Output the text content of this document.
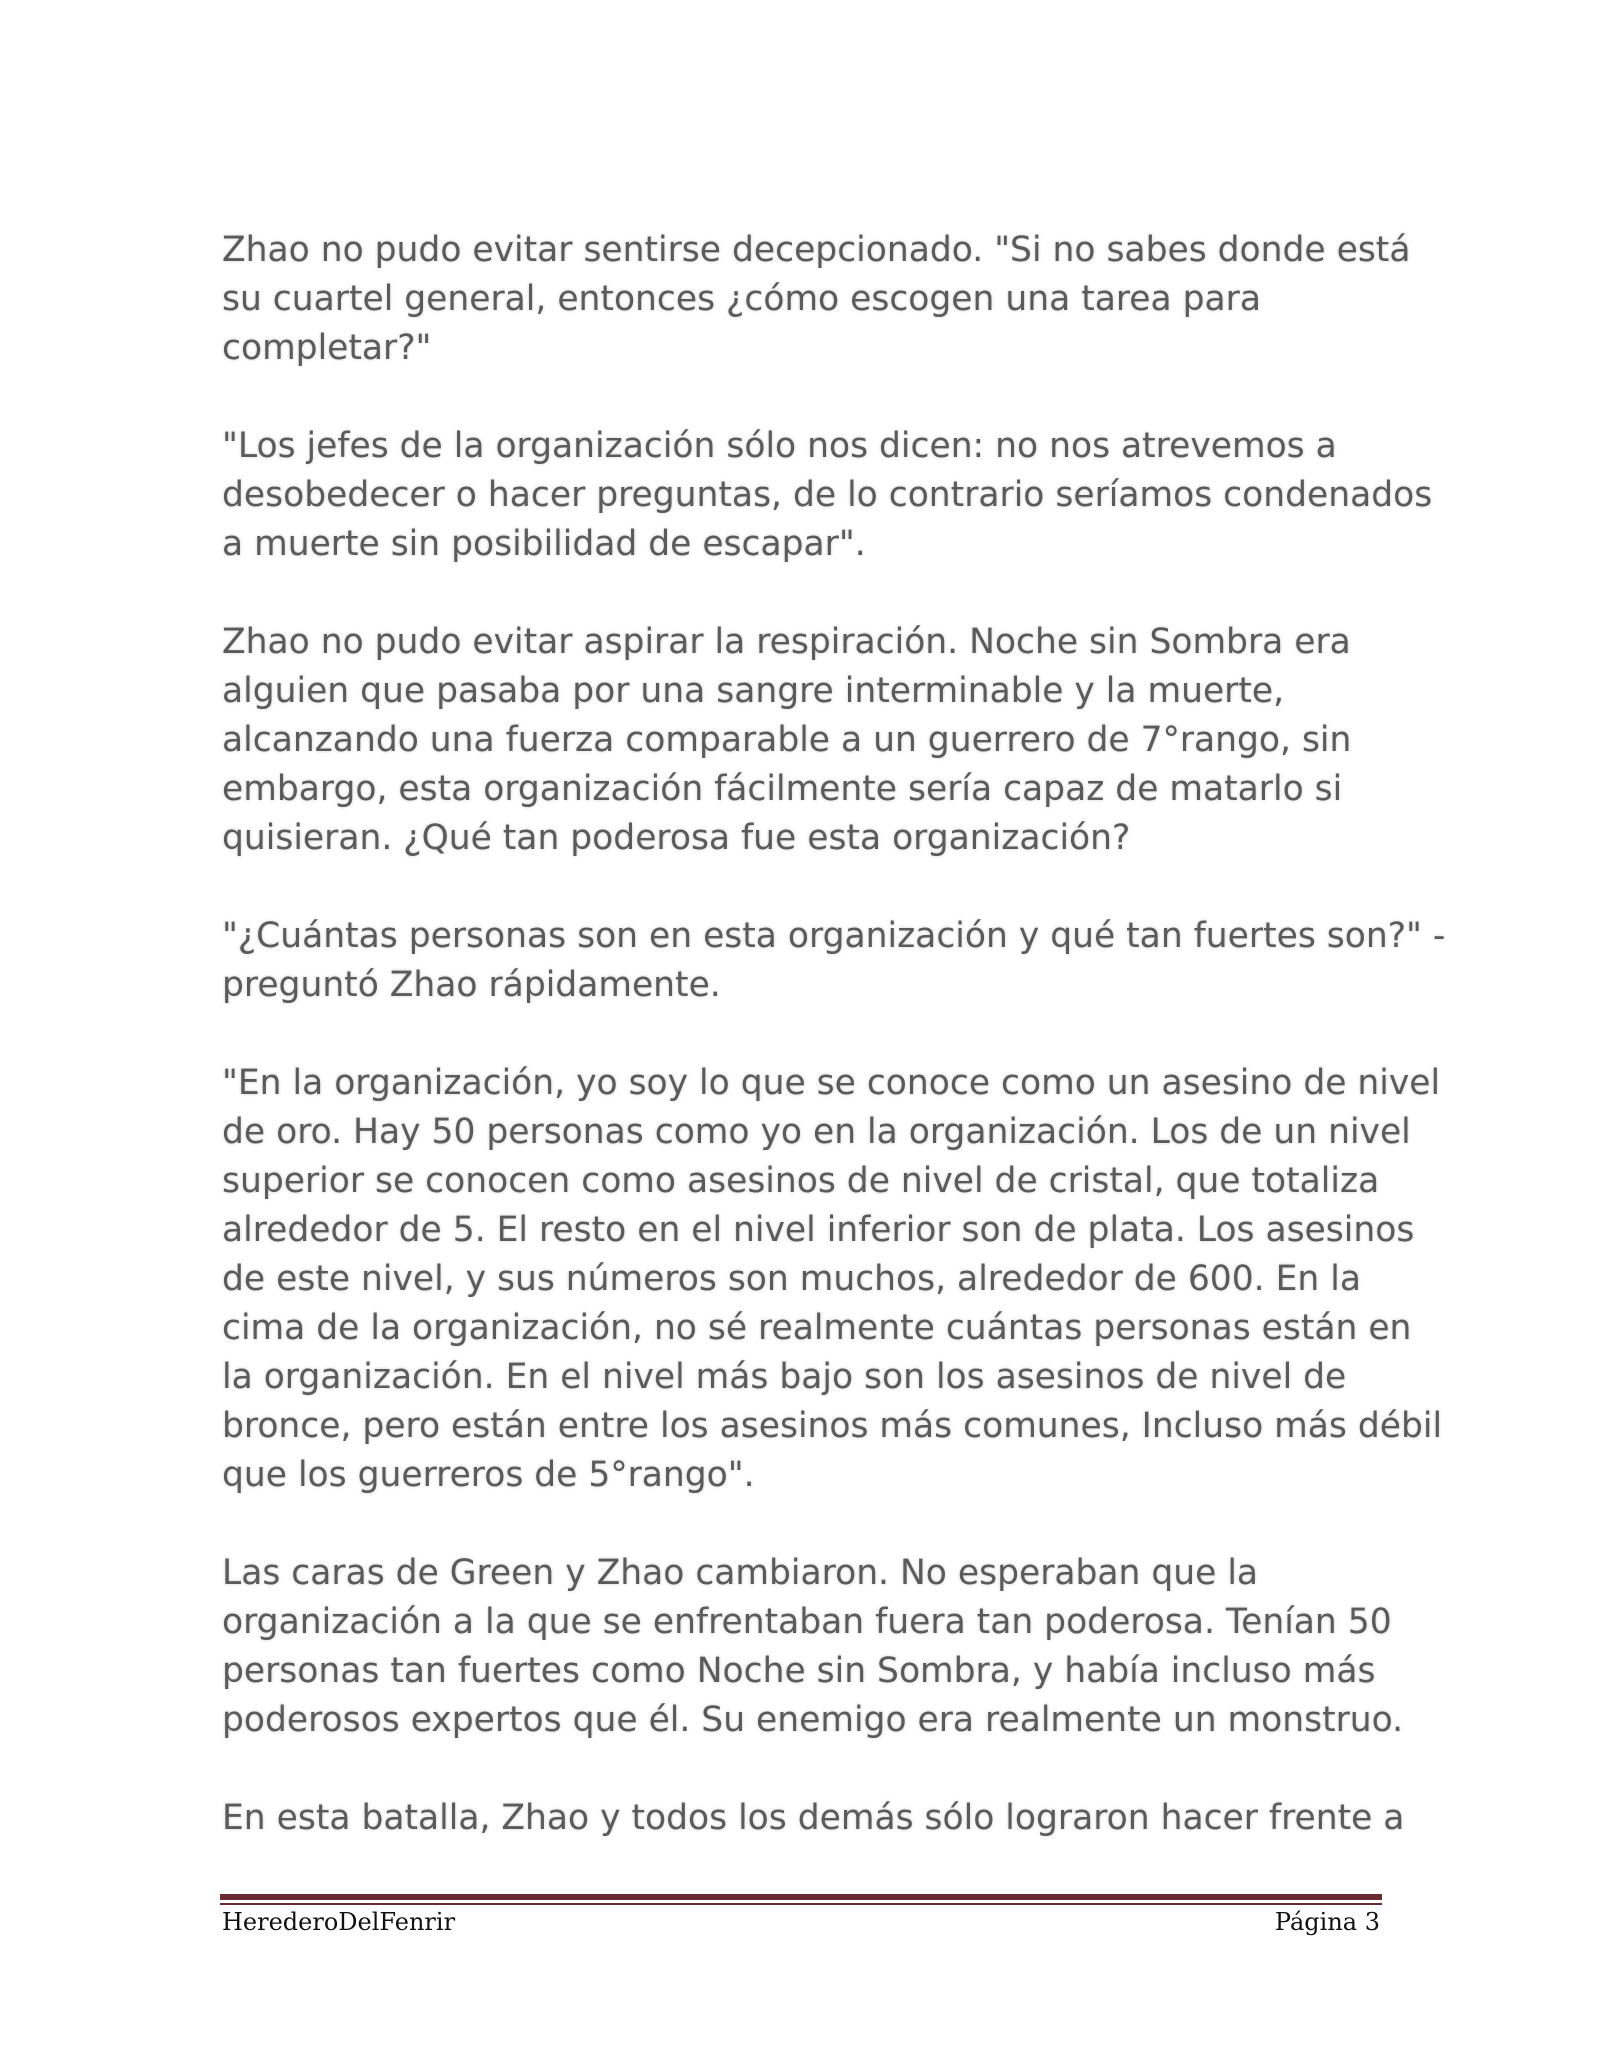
Zhao no pudo evitar sentirse decepcionado. "Si no sabes donde está
su cuartel general, entonces ¿cómo escogen una tarea para
completar?"

"Los jefes de la organización sólo nos dicen: no nos atrevemos a
desobedecer o hacer preguntas, de lo contrario seríamos condenados
a muerte sin posibilidad de escapar".

Zhao no pudo evitar aspirar la respiración. Noche sin Sombra era
alguien que pasaba por una sangre interminable y la muerte,
alcanzando una fuerza comparable a un guerrero de 7°rango, sin
embargo, esta organización fácilmente sería capaz de matarlo si
quisieran. ¿Qué tan poderosa fue esta organización?

"¿Cuántas personas son en esta organización y qué tan fuertes son?" -
preguntó Zhao rápidamente.

"En la organización, yo soy lo que se conoce como un asesino de nivel
de oro. Hay 50 personas como yo en la organización. Los de un nivel
superior se conocen como asesinos de nivel de cristal, que totaliza
alrededor de 5. El resto en el nivel inferior son de plata. Los asesinos
de este nivel, y sus números son muchos, alrededor de 600. En la
cima de la organización, no sé realmente cuántas personas están en
la organización. En el nivel más bajo son los asesinos de nivel de
bronce, pero están entre los asesinos más comunes, Incluso más débil
que los guerreros de 5°rango".

Las caras de Green y Zhao cambiaron. No esperaban que la
organización a la que se enfrentaban fuera tan poderosa. Tenían 50
personas tan fuertes como Noche sin Sombra, y había incluso más
poderosos expertos que él. Su enemigo era realmente un monstruo.

En esta batalla, Zhao y todos los demás sólo lograron hacer frente a

HerederoDelFenrir	Página 3
